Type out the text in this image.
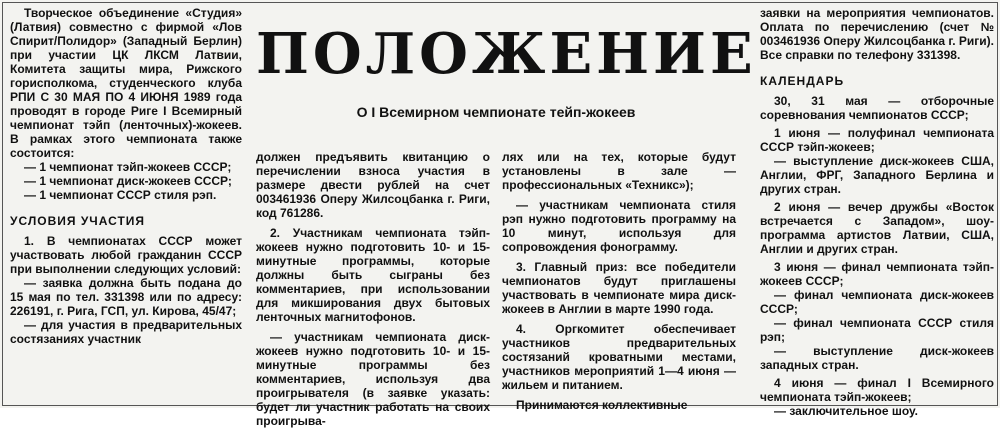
ПОЛОЖЕНИЕ

О I Всемирном чемпионате тейп-жокеев

Творческое объединение «Студия» (Латвия) совместно с фирмой «Лов Спирит/Полидор» (Западный Берлин) при участии ЦК ЛКСМ Латвии, Комитета защиты мира, Рижского горисполкома, студенческого клуба РПИ С 30 МАЯ ПО 4 ИЮНЯ 1989 года проводят в городе Риге I Всемирный чемпионат тэйп (ленточных)-жокеев. В рамках этого чемпионата также состоится:

— 1 чемпионат тэйп-жокеев СССР;

— 1 чемпионат диск-жокеев СССР;

— 1 чемпионат СССР стиля рэп.

УСЛОВИЯ УЧАСТИЯ

1. В чемпионатах СССР может участвовать любой гражданин СССР при выполнении следующих условий:

— заявка должна быть подана до 15 мая по тел. 331398 или по адресу: 226191, г. Рига, ГСП, ул. Кирова, 45/47;

— для участия в предварительных состязаниях участник

должен предъявить квитанцию о перечислении взноса участия в размере двести рублей на счет 003461936 Оперу Жилсоцбанка г. Риги, код 761286.

2. Участникам чемпионата тэйп-жокеев нужно подготовить 10- и 15-минутные программы, которые должны быть сыграны без комментариев, при использовании для микширования двух бытовых ленточных магнитофонов.

— участникам чемпионата диск-жокеев нужно подготовить 10- и 15-минутные программы без комментариев, используя два проигрывателя (в заявке указать: будет ли участник работать на своих проигрыва-

лях или на тех, которые будут установлены в зале — профессиональных «Техникс»);

— участникам чемпионата стиля рэп нужно подготовить программу на 10 минут, используя для сопровождения фонограмму.

3. Главный приз: все победители чемпионатов будут приглашены участвовать в чемпионате мира диск-жокеев в Англии в марте 1990 года.

4. Оргкомитет обеспечивает участников предварительных состязаний кроватными местами, участников мероприятий 1—4 июня — жильем и питанием.

Принимаются коллективные

заявки на мероприятия чемпионатов. Оплата по перечислению (счет № 003461936 Оперу Жилсоцбанка г. Риги). Все справки по телефону 331398.

КАЛЕНДАРЬ

30, 31 мая — отборочные соревнования чемпионатов СССР;

1 июня — полуфинал чемпионата СССР тэйп-жокеев;

— выступление диск-жокеев США, Англии, ФРГ, Западного Берлина и других стран.

2 июня — вечер дружбы «Восток встречается с Западом», шоу-программа артистов Латвии, США, Англии и других стран.

3 июня — финал чемпионата тэйп-жокеев СССР;

— финал чемпионата диск-жокеев СССР;

— финал чемпионата СССР стиля рэп;

— выступление диск-жокеев западных стран.

4 июня — финал I Всемирного чемпионата тэйп-жокеев;

— заключительное шоу.
